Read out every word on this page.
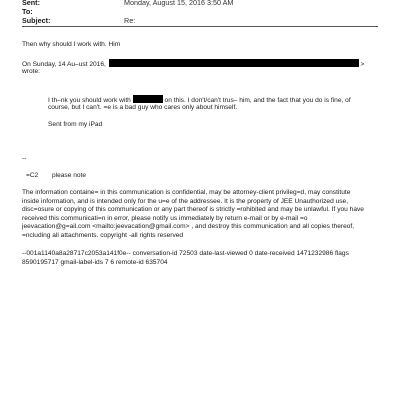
Sent:	Monday, August 15, 2016 3:50 AM
To:
Subject:	Re:
Then why should I work with. Him
On Sunday, 14 Au–ust 2016,	>
wrote:
I th–nk you should work with	on this. I don't/can't trus– him, and the fact that you do is fine, of
course, but I can't. =e is a bad guy who cares only about himself.
Sent from my iPad
--
=C2 please note
The information containe= in this communication is confidential, may be attorney-client privileg=d, may constitute
inside information, and is intended only for the u=e of the addressee. It is the property of JEE Unauthorized use,
disc=osure or copying of this communication or any part thereof is strictly =rohibited and may be unlawful. If you have
received this communicati=n in error, please notify us immediately by return e-mail or by e-mail =o
jeevacation@g=ail.com <mailto:jeevacation@gmail.com> , and destroy this communication and all copies thereof,
=ncluding all attachments. copyright -all rights reserved
--001a1140a8a28717c2053a141f0e-- conversation-id 72503 date-last-viewed 0 date-received 1471232986 flags
8590195717 gmail-label-ids 7 6 remote-id 635704
